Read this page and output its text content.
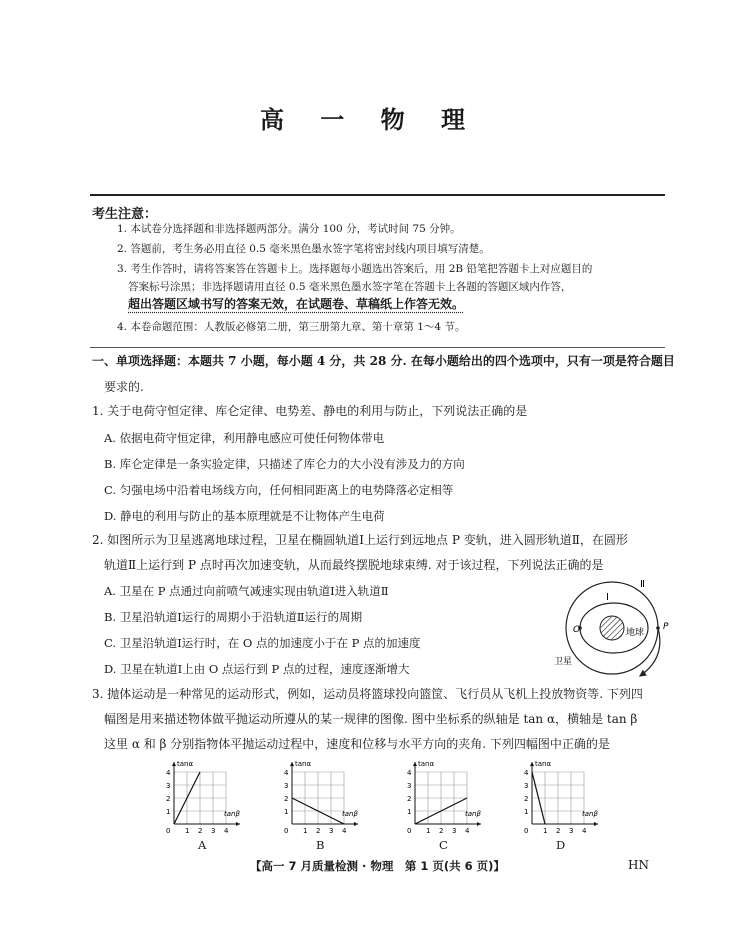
高 一 物 理
考生注意：
1. 本试卷分选择题和非选择题两部分。满分 100 分，考试时间 75 分钟。
2. 答题前，考生务必用直径 0.5 毫米黑色墨水签字笔将密封线内项目填写清楚。
3. 考生作答时，请将答案答在答题卡上。选择题每小题选出答案后，用 2B 铅笔把答题卡上对应题目的
答案标号涂黑；非选择题请用直径 0.5 毫米黑色墨水签字笔在答题卡上各题的答题区域内作答，
超出答题区域书写的答案无效，在试题卷、草稿纸上作答无效。
4. 本卷命题范围：人教版必修第二册，第三册第九章、第十章第 1～4 节。
一、单项选择题：本题共 7 小题，每小题 4 分，共 28 分. 在每小题给出的四个选项中，只有一项是符合题目
要求的.
1. 关于电荷守恒定律、库仑定律、电势差、静电的利用与防止，下列说法正确的是
A. 依据电荷守恒定律，利用静电感应可使任何物体带电
B. 库仑定律是一条实验定律，只描述了库仑力的大小没有涉及力的方向
C. 匀强电场中沿着电场线方向，任何相同距离上的电势降落必定相等
D. 静电的利用与防止的基本原理就是不让物体产生电荷
2. 如图所示为卫星逃离地球过程，卫星在椭圆轨道Ⅰ上运行到远地点 P 变轨，进入圆形轨道Ⅱ，在圆形
轨道Ⅱ上运行到 P 点时再次加速变轨，从而最终摆脱地球束缚. 对于该过程，下列说法正确的是
A. 卫星在 P 点通过向前喷气减速实现由轨道Ⅰ进入轨道Ⅱ
B. 卫星沿轨道Ⅰ运行的周期小于沿轨道Ⅱ运行的周期
C. 卫星沿轨道Ⅰ运行时，在 O 点的加速度小于在 P 点的加速度
D. 卫星在轨道Ⅰ上由 O 点运行到 P 点的过程，速度逐渐增大
Ⅰ
Ⅱ
O	P
地球
卫星
3. 抛体运动是一种常见的运动形式，例如，运动员将篮球投向篮筐、飞行员从飞机上投放物资等. 下列四
幅图是用来描述物体做平抛运动所遵从的某一规律的图像. 图中坐标系的纵轴是 tan α，横轴是 tan β
这里 α 和 β 分别指物体平抛运动过程中，速度和位移与水平方向的夹角. 下列四幅图中正确的是
1
1
2
2
3
3
4
4
0
tanα
tanβ
1
1
2
2
3
3
4
4
0
tanα
tanβ
1
1
2
2
3
3
4
4
0
tanα
tanβ
1
1
2
2
3
3
4
4
0
tanα
tanβ
A	B	C	D
【高一 7 月质量检测 · 物理　第 1 页(共 6 页)】	HN
